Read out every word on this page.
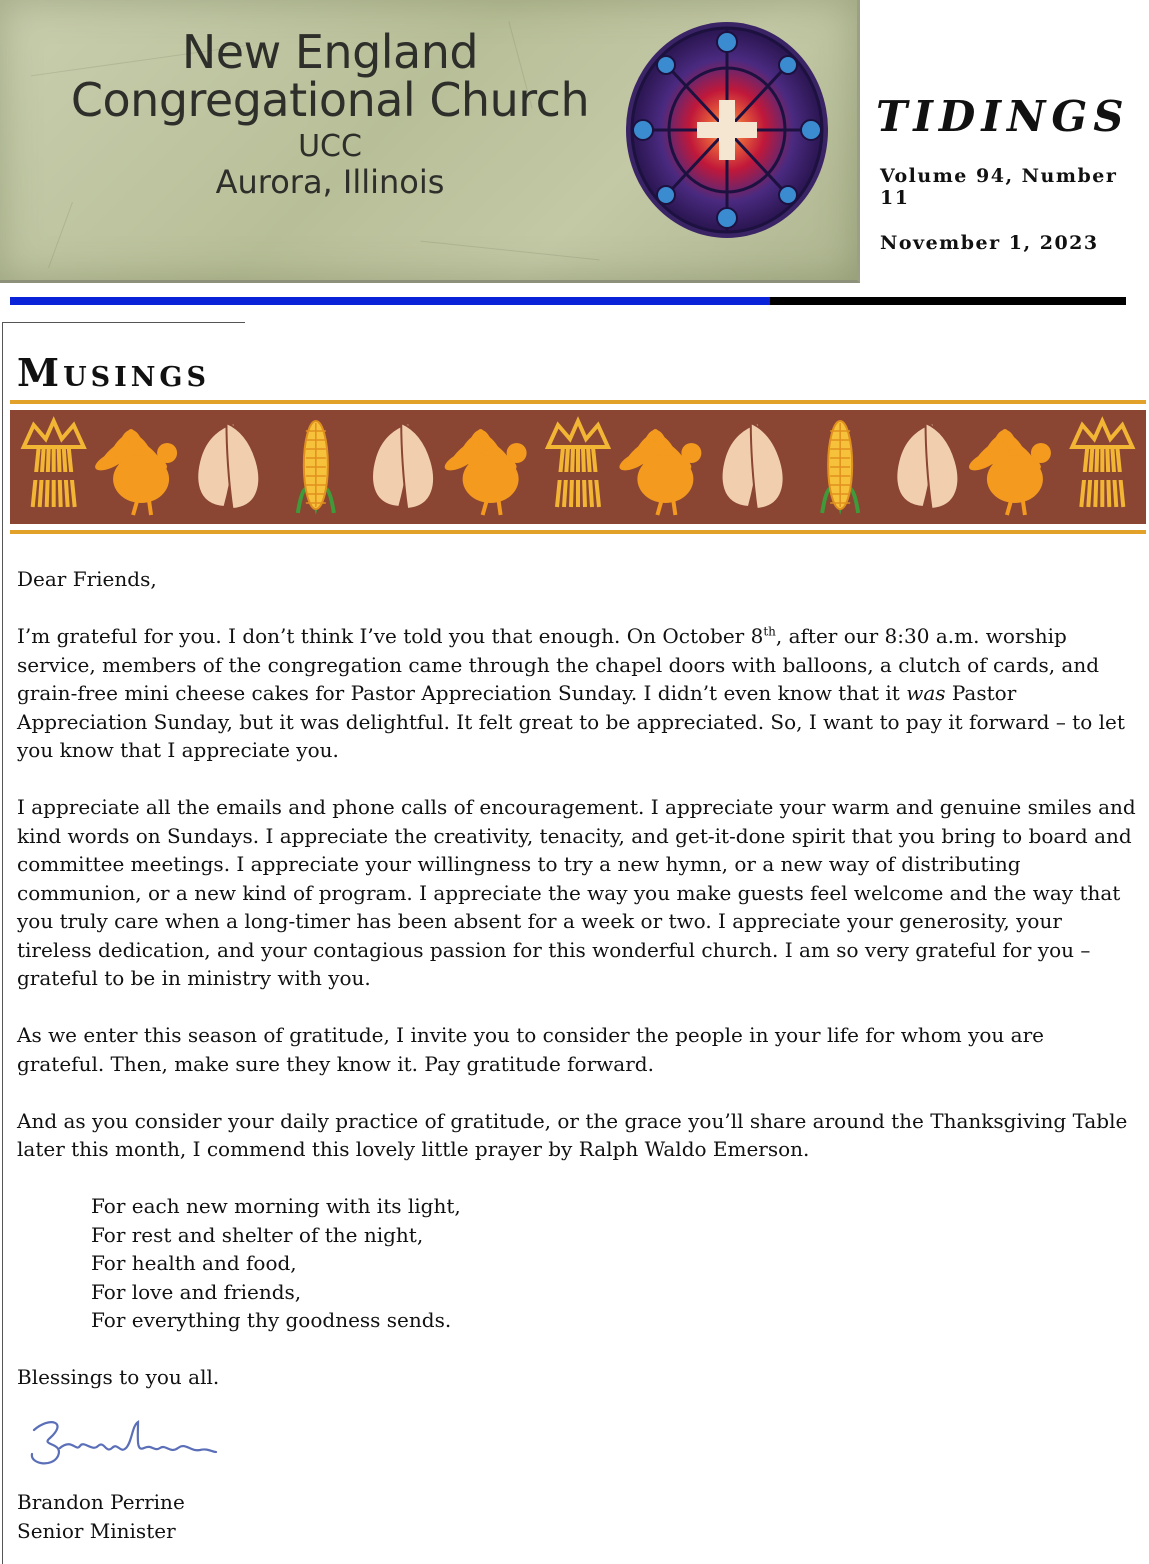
New England
Congregational Church
UCC
Aurora, Illinois
TIDINGS
Volume 94, Number 11
November 1, 2023
Musings

Dear Friends,

I’m grateful for you. I don’t think I’ve told you that enough. On October 8th, after our 8:30 a.m. worship service, members of the congregation came through the chapel doors with balloons, a clutch of cards, and grain-free mini cheese cakes for Pastor Appreciation Sunday. I didn’t even know that it was Pastor Appreciation Sunday, but it was delightful. It felt great to be appreciated. So, I want to pay it forward – to let you know that I appreciate you.

I appreciate all the emails and phone calls of encouragement. I appreciate your warm and genuine smiles and kind words on Sundays. I appreciate the creativity, tenacity, and get-it-done spirit that you bring to board and committee meetings. I appreciate your willingness to try a new hymn, or a new way of distributing communion, or a new kind of program. I appreciate the way you make guests feel welcome and the way that you truly care when a long-timer has been absent for a week or two. I appreciate your generosity, your tireless dedication, and your contagious passion for this wonderful church. I am so very grateful for you – grateful to be in ministry with you.

As we enter this season of gratitude, I invite you to consider the people in your life for whom you are grateful. Then, make sure they know it. Pay gratitude forward.

And as you consider your daily practice of gratitude, or the grace you’ll share around the Thanksgiving Table later this month, I commend this lovely little prayer by Ralph Waldo Emerson.

For each new morning with its light,
For rest and shelter of the night,
For health and food,
For love and friends,
For everything thy goodness sends.

Blessings to you all.

Brandon Perrine
Senior Minister
